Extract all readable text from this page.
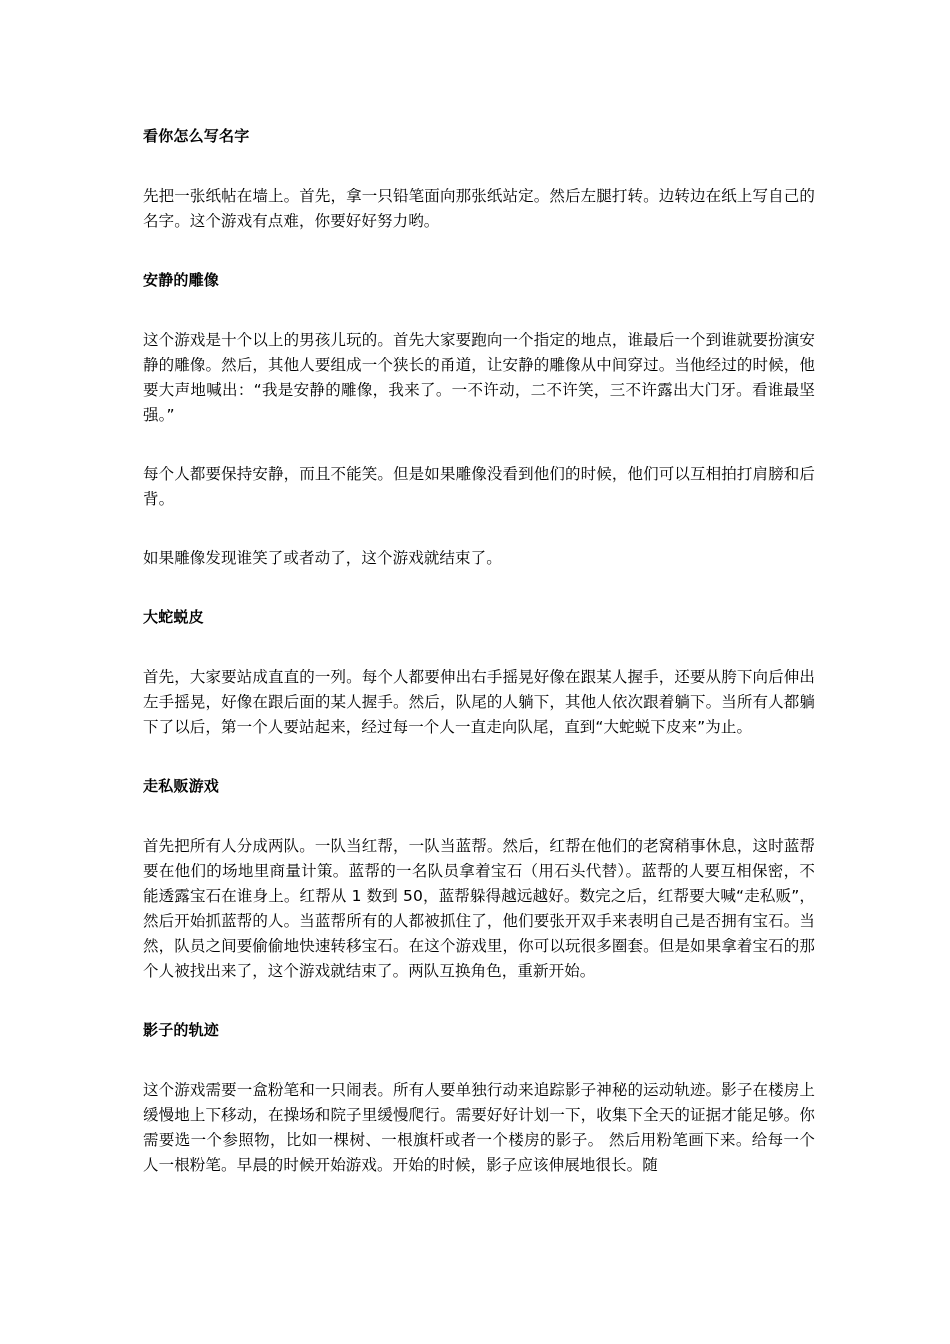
看你怎么写名字
先把一张纸帖在墙上。首先，拿一只铅笔面向那张纸站定。然后左腿打转。边转边在纸上写自己的名字。这个游戏有点难，你要好好努力哟。
安静的雕像
这个游戏是十个以上的男孩儿玩的。首先大家要跑向一个指定的地点，谁最后一个到谁就要扮演安静的雕像。然后，其他人要组成一个狭长的甬道，让安静的雕像从中间穿过。当他经过的时候，他要大声地喊出：“我是安静的雕像，我来了。一不许动，二不许笑，三不许露出大门牙。看谁最坚强。”
每个人都要保持安静，而且不能笑。但是如果雕像没看到他们的时候，他们可以互相拍打肩膀和后背。
如果雕像发现谁笑了或者动了，这个游戏就结束了。
大蛇蜕皮
首先，大家要站成直直的一列。每个人都要伸出右手摇晃好像在跟某人握手，还要从胯下向后伸出左手摇晃，好像在跟后面的某人握手。然后，队尾的人躺下，其他人依次跟着躺下。当所有人都躺下了以后，第一个人要站起来，经过每一个人一直走向队尾，直到“大蛇蜕下皮来”为止。
走私贩游戏
首先把所有人分成两队。一队当红帮，一队当蓝帮。然后，红帮在他们的老窝稍事休息，这时蓝帮要在他们的场地里商量计策。蓝帮的一名队员拿着宝石（用石头代替）。蓝帮的人要互相保密，不能透露宝石在谁身上。红帮从 1 数到 50，蓝帮躲得越远越好。数完之后，红帮要大喊“走私贩”，然后开始抓蓝帮的人。当蓝帮所有的人都被抓住了，他们要张开双手来表明自己是否拥有宝石。当然，队员之间要偷偷地快速转移宝石。在这个游戏里，你可以玩很多圈套。但是如果拿着宝石的那个人被找出来了，这个游戏就结束了。两队互换角色，重新开始。
影子的轨迹
这个游戏需要一盒粉笔和一只闹表。所有人要单独行动来追踪影子神秘的运动轨迹。影子在楼房上缓慢地上下移动，在操场和院子里缓慢爬行。需要好好计划一下，收集下全天的证据才能足够。你需要选一个参照物，比如一棵树、一根旗杆或者一个楼房的影子。 然后用粉笔画下来。给每一个人一根粉笔。早晨的时候开始游戏。开始的时候，影子应该伸展地很长。随
